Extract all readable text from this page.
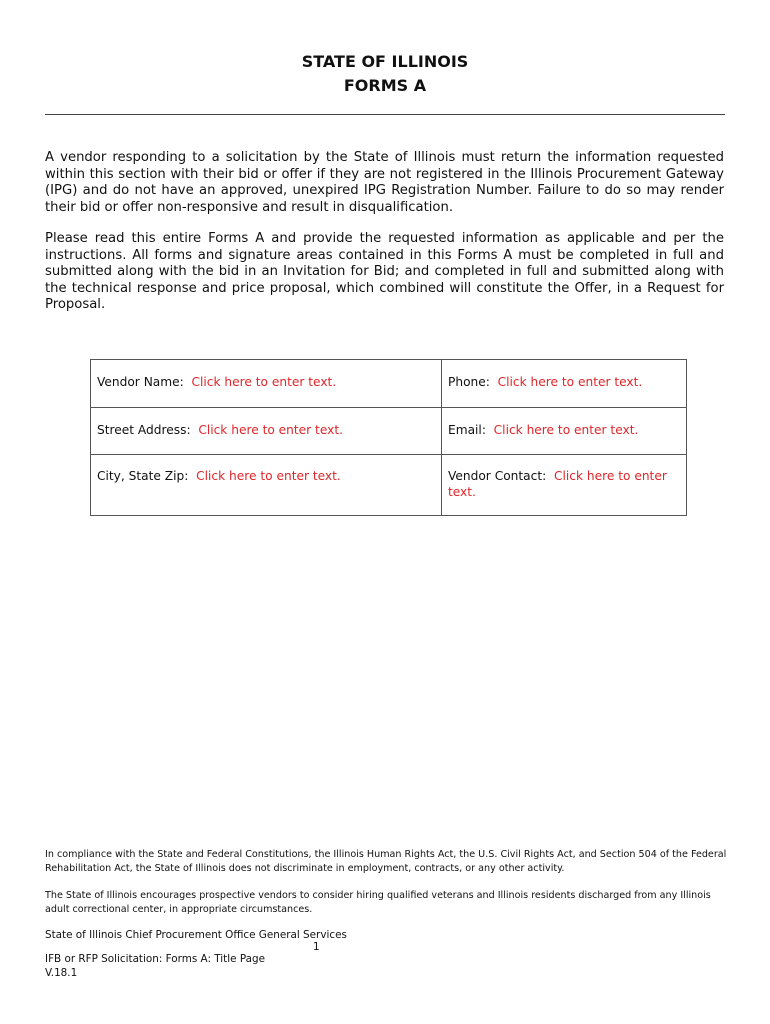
STATE OF ILLINOIS
FORMS A

A vendor responding to a solicitation by the State of Illinois must return the information requested within this section with their bid or offer if they are not registered in the Illinois Procurement Gateway (IPG) and do not have an approved, unexpired IPG Registration Number. Failure to do so may render their bid or offer non-responsive and result in disqualification.

Please read this entire Forms A and provide the requested information as applicable and per the instructions. All forms and signature areas contained in this Forms A must be completed in full and submitted along with the bid in an Invitation for Bid; and completed in full and submitted along with the technical response and price proposal, which combined will constitute the Offer, in a Request for Proposal.

Vendor Name: Click here to enter text.	Phone: Click here to enter text.
Street Address: Click here to enter text.	Email: Click here to enter text.
City, State Zip: Click here to enter text.	Vendor Contact: Click here to enter text.

In compliance with the State and Federal Constitutions, the Illinois Human Rights Act, the U.S. Civil Rights Act, and Section 504 of the Federal Rehabilitation Act, the State of Illinois does not discriminate in employment, contracts, or any other activity.

The State of Illinois encourages prospective vendors to consider hiring qualified veterans and Illinois residents discharged from any Illinois adult correctional center, in appropriate circumstances.

State of Illinois Chief Procurement Office General Services

1
IFB or RFP Solicitation: Forms A: Title Page
V.18.1
